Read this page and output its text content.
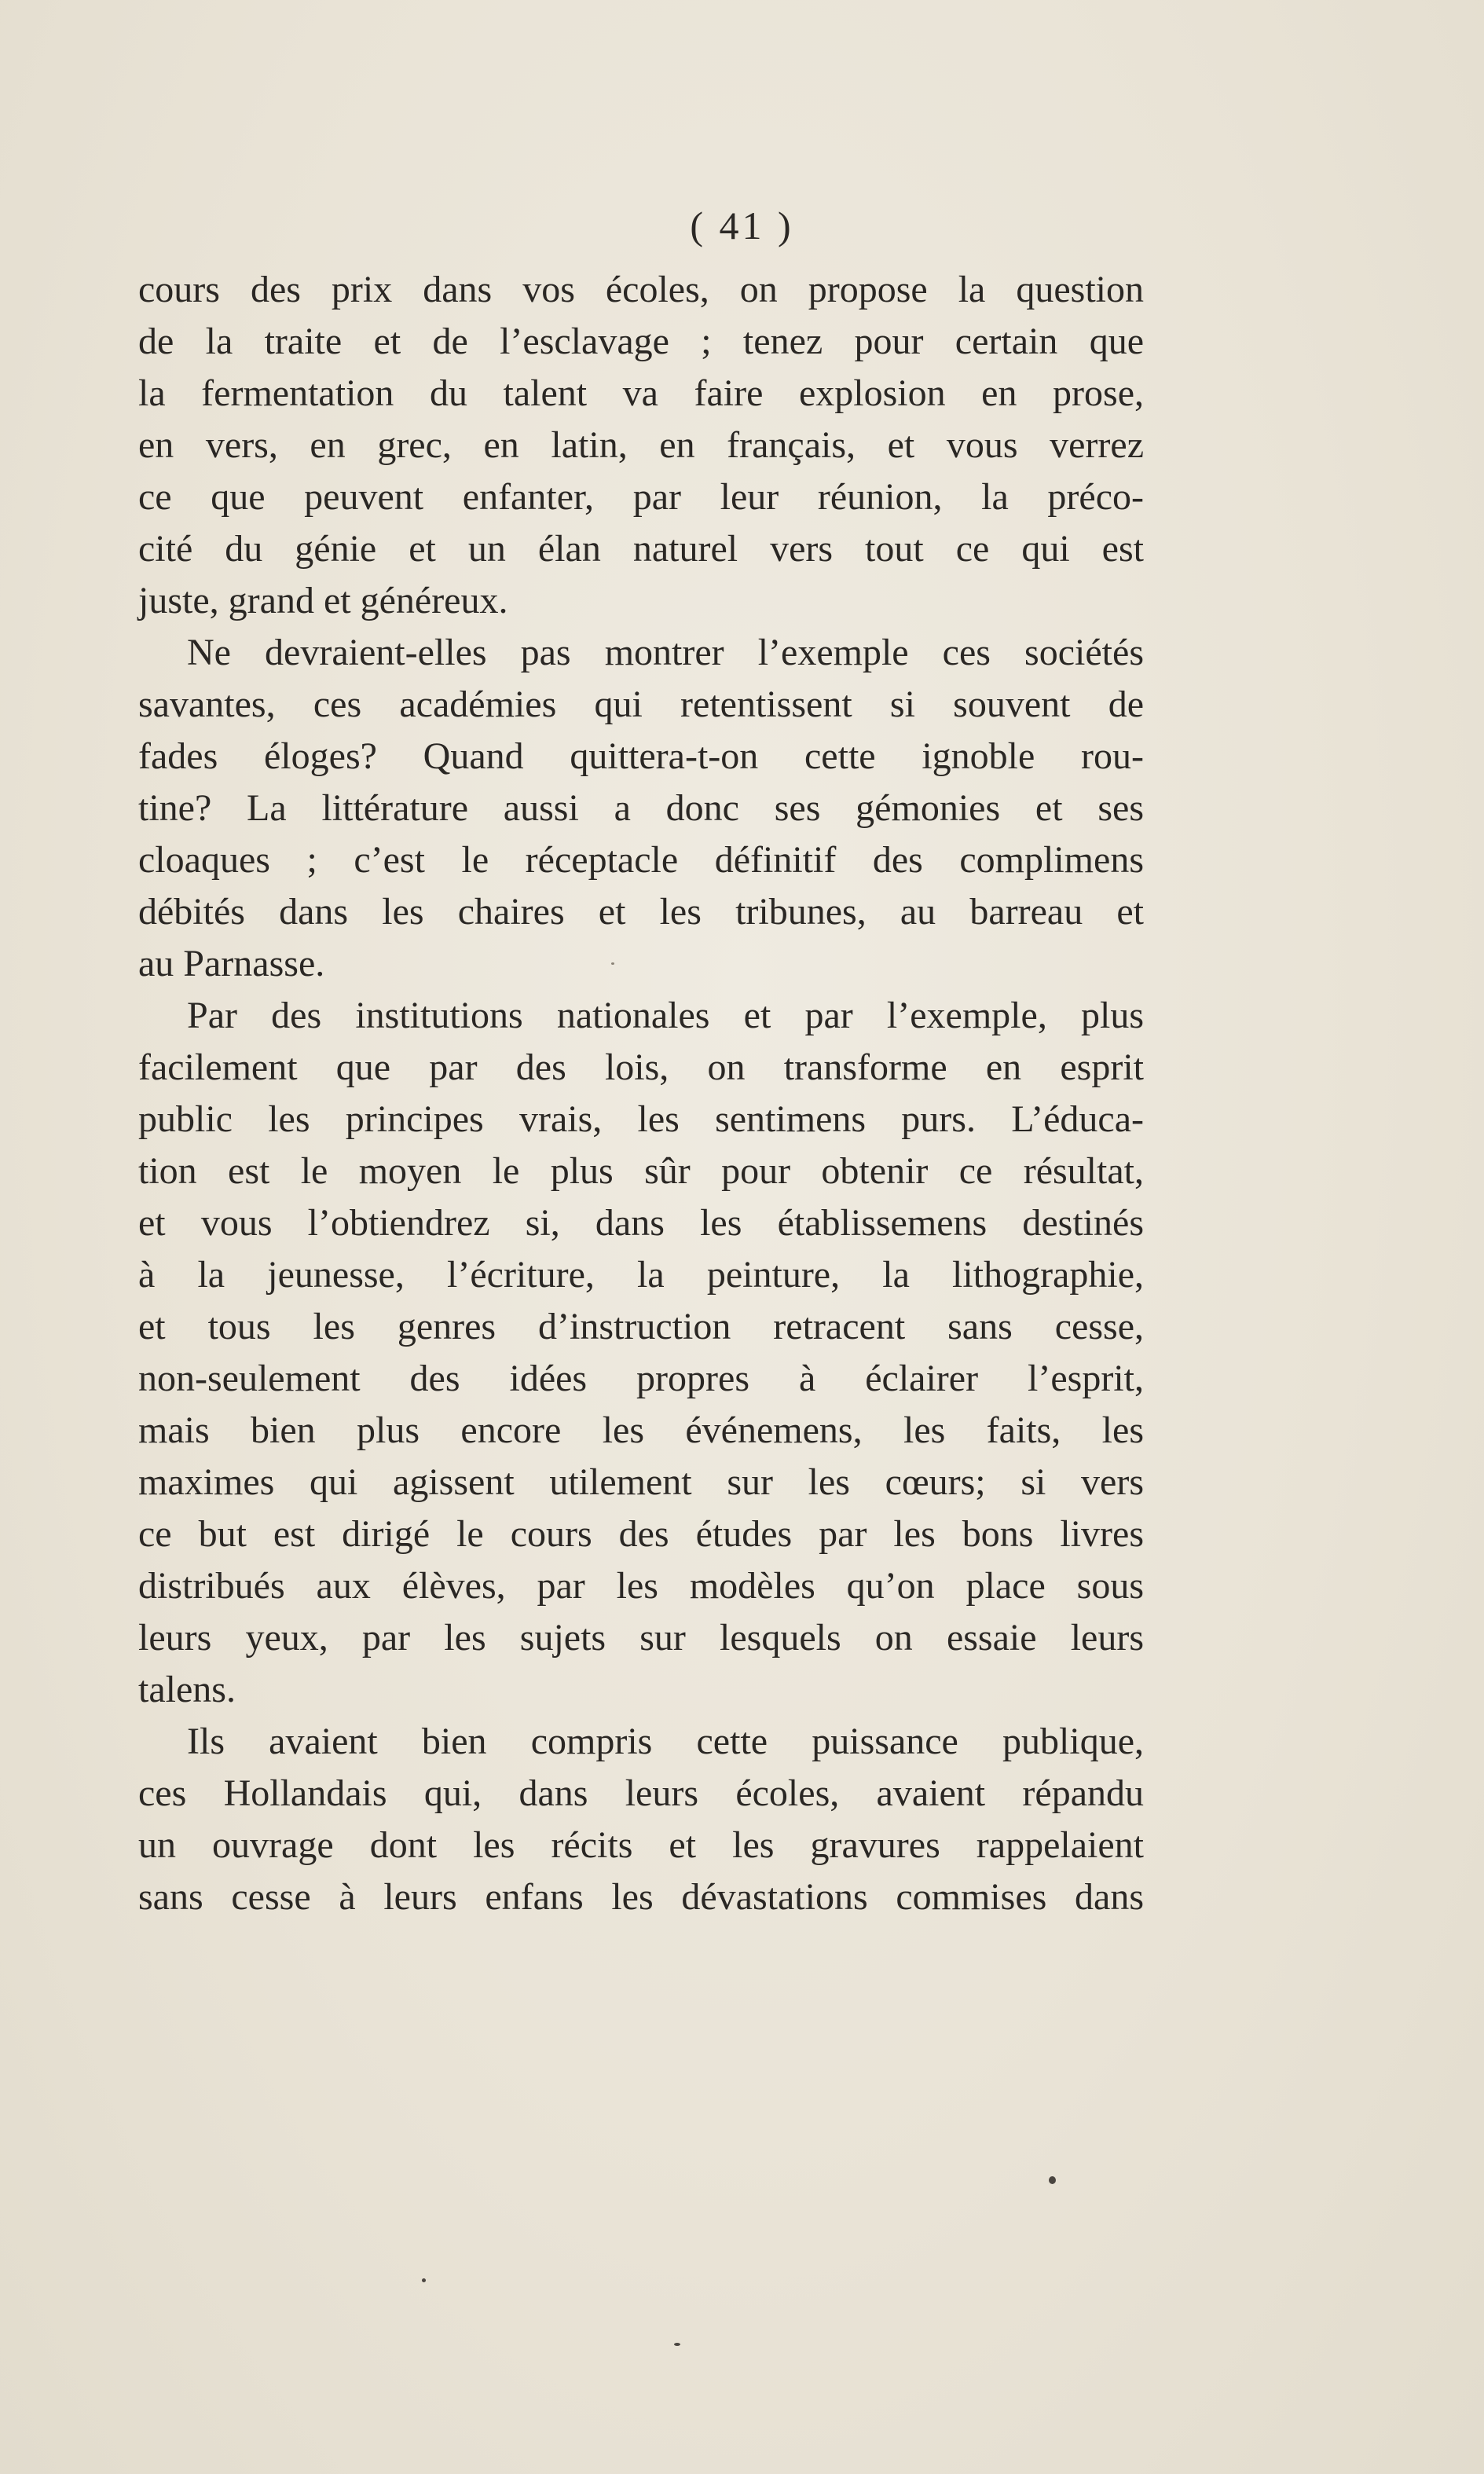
( 41 )
cours des prix dans vos écoles, on propose la question
de la traite et de l’esclavage ; tenez pour certain que
la fermentation du talent va faire explosion en prose,
en vers, en grec, en latin, en français, et vous verrez
ce que peuvent enfanter, par leur réunion, la préco-
cité du génie et un élan naturel vers tout ce qui est
juste, grand et généreux.
Ne devraient-elles pas montrer l’exemple ces sociétés
savantes, ces académies qui retentissent si souvent de
fades éloges? Quand quittera-t-on cette ignoble rou-
tine? La littérature aussi a donc ses gémonies et ses
cloaques ; c’est le réceptacle définitif des complimens
débités dans les chaires et les tribunes, au barreau et
au Parnasse.
Par des institutions nationales et par l’exemple, plus
facilement que par des lois, on transforme en esprit
public les principes vrais, les sentimens purs. L’éduca-
tion est le moyen le plus sûr pour obtenir ce résultat,
et vous l’obtiendrez si, dans les établissemens destinés
à la jeunesse, l’écriture, la peinture, la lithographie,
et tous les genres d’instruction retracent sans cesse,
non-seulement des idées propres à éclairer l’esprit,
mais bien plus encore les événemens, les faits, les
maximes qui agissent utilement sur les cœurs; si vers
ce but est dirigé le cours des études par les bons livres
distribués aux élèves, par les modèles qu’on place sous
leurs yeux, par les sujets sur lesquels on essaie leurs
talens.
Ils avaient bien compris cette puissance publique,
ces Hollandais qui, dans leurs écoles, avaient répandu
un ouvrage dont les récits et les gravures rappelaient
sans cesse à leurs enfans les dévastations commises dans
